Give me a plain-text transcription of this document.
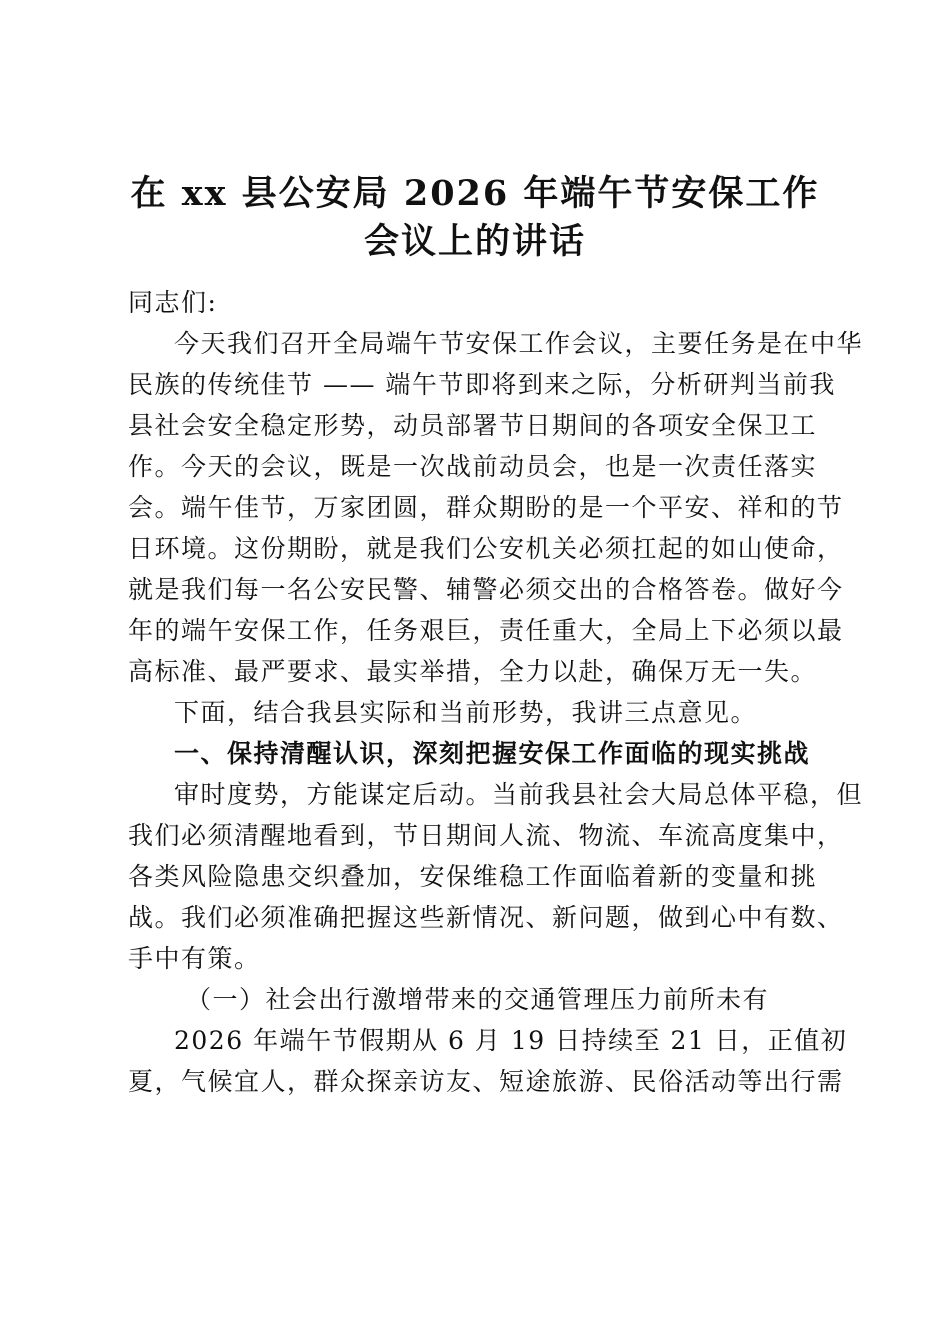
在 xx 县公安局 2026 年端午节安保工作
会议上的讲话
同志们:
今天我们召开全局端午节安保工作会议，主要任务是在中华
民族的传统佳节 —— 端午节即将到来之际，分析研判当前我
县社会安全稳定形势，动员部署节日期间的各项安全保卫工
作。今天的会议，既是一次战前动员会，也是一次责任落实
会。端午佳节，万家团圆，群众期盼的是一个平安、祥和的节
日环境。这份期盼，就是我们公安机关必须扛起的如山使命，
就是我们每一名公安民警、辅警必须交出的合格答卷。做好今
年的端午安保工作，任务艰巨，责任重大，全局上下必须以最
高标准、最严要求、最实举措，全力以赴，确保万无一失。
下面，结合我县实际和当前形势，我讲三点意见。
一、保持清醒认识，深刻把握安保工作面临的现实挑战
审时度势，方能谋定后动。当前我县社会大局总体平稳，但
我们必须清醒地看到，节日期间人流、物流、车流高度集中，
各类风险隐患交织叠加，安保维稳工作面临着新的变量和挑
战。我们必须准确把握这些新情况、新问题，做到心中有数、
手中有策。
（一）社会出行激增带来的交通管理压力前所未有
2026 年端午节假期从 6 月 19 日持续至 21 日，正值初
夏，气候宜人，群众探亲访友、短途旅游、民俗活动等出行需
